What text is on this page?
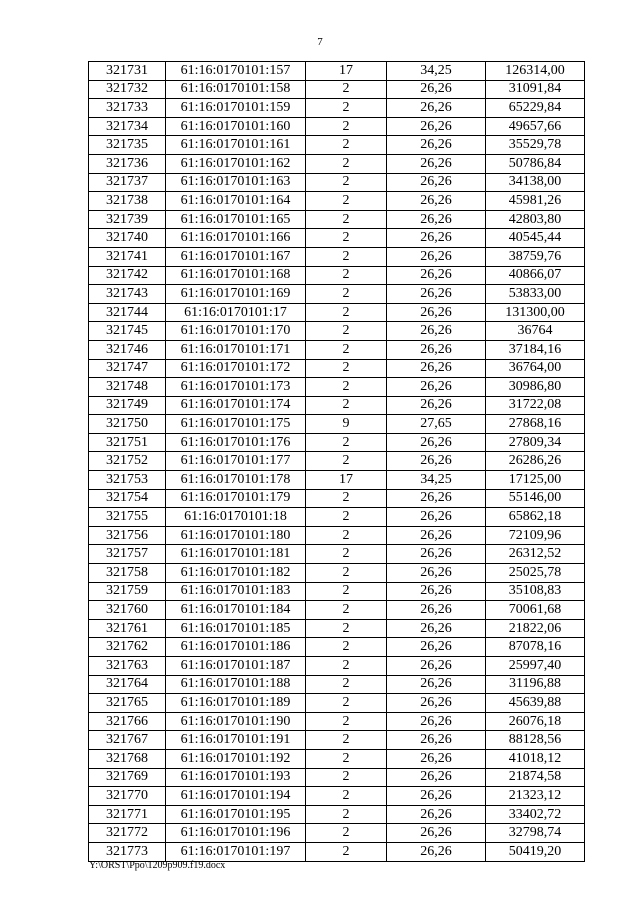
7
321731	61:16:0170101:157	17	34,25	126314,00
321732	61:16:0170101:158	2	26,26	31091,84
321733	61:16:0170101:159	2	26,26	65229,84
321734	61:16:0170101:160	2	26,26	49657,66
321735	61:16:0170101:161	2	26,26	35529,78
321736	61:16:0170101:162	2	26,26	50786,84
321737	61:16:0170101:163	2	26,26	34138,00
321738	61:16:0170101:164	2	26,26	45981,26
321739	61:16:0170101:165	2	26,26	42803,80
321740	61:16:0170101:166	2	26,26	40545,44
321741	61:16:0170101:167	2	26,26	38759,76
321742	61:16:0170101:168	2	26,26	40866,07
321743	61:16:0170101:169	2	26,26	53833,00
321744	61:16:0170101:17	2	26,26	131300,00
321745	61:16:0170101:170	2	26,26	36764
321746	61:16:0170101:171	2	26,26	37184,16
321747	61:16:0170101:172	2	26,26	36764,00
321748	61:16:0170101:173	2	26,26	30986,80
321749	61:16:0170101:174	2	26,26	31722,08
321750	61:16:0170101:175	9	27,65	27868,16
321751	61:16:0170101:176	2	26,26	27809,34
321752	61:16:0170101:177	2	26,26	26286,26
321753	61:16:0170101:178	17	34,25	17125,00
321754	61:16:0170101:179	2	26,26	55146,00
321755	61:16:0170101:18	2	26,26	65862,18
321756	61:16:0170101:180	2	26,26	72109,96
321757	61:16:0170101:181	2	26,26	26312,52
321758	61:16:0170101:182	2	26,26	25025,78
321759	61:16:0170101:183	2	26,26	35108,83
321760	61:16:0170101:184	2	26,26	70061,68
321761	61:16:0170101:185	2	26,26	21822,06
321762	61:16:0170101:186	2	26,26	87078,16
321763	61:16:0170101:187	2	26,26	25997,40
321764	61:16:0170101:188	2	26,26	31196,88
321765	61:16:0170101:189	2	26,26	45639,88
321766	61:16:0170101:190	2	26,26	26076,18
321767	61:16:0170101:191	2	26,26	88128,56
321768	61:16:0170101:192	2	26,26	41018,12
321769	61:16:0170101:193	2	26,26	21874,58
321770	61:16:0170101:194	2	26,26	21323,12
321771	61:16:0170101:195	2	26,26	33402,72
321772	61:16:0170101:196	2	26,26	32798,74
321773	61:16:0170101:197	2	26,26	50419,20
Y:\ORST\Ppo\1209p909.f19.docx
